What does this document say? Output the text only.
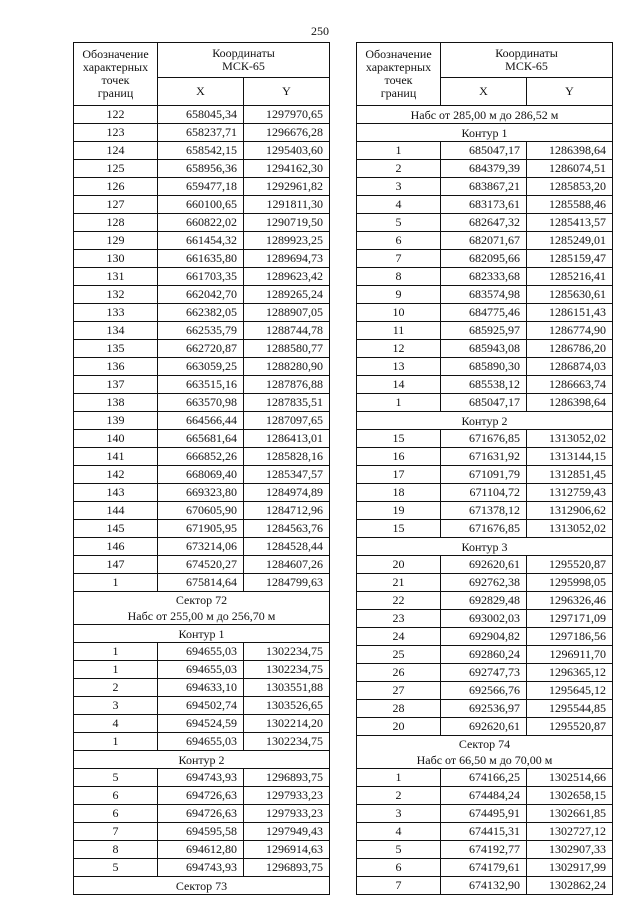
250
Обозначение
характерных
точек
границ	Координаты
МСК-65	
	X	Y
122	658045,34	1297970,65
123	658237,71	1296676,28
124	658542,15	1295403,60
125	658956,36	1294162,30
126	659477,18	1292961,82
127	660100,65	1291811,30
128	660822,02	1290719,50
129	661454,32	1289923,25
130	661635,80	1289694,73
131	661703,35	1289623,42
132	662042,70	1289265,24
133	662382,05	1288907,05
134	662535,79	1288744,78
135	662720,87	1288580,77
136	663059,25	1288280,90
137	663515,16	1287876,88
138	663570,98	1287835,51
139	664566,44	1287097,65
140	665681,64	1286413,01
141	666852,26	1285828,16
142	668069,40	1285347,57
143	669323,80	1284974,89
144	670605,90	1284712,96
145	671905,95	1284563,76
146	673214,06	1284528,44
147	674520,27	1284607,26
1	675814,64	1284799,63
Сектор 72
Набс от 255,00 м до 256,70 м		
Контур 1		
1	694655,03	1302234,75
1	694655,03	1302234,75
2	694633,10	1303551,88
3	694502,74	1303526,65
4	694524,59	1302214,20
1	694655,03	1302234,75
Контур 2		
5	694743,93	1296893,75
6	694726,63	1297933,23
6	694726,63	1297933,23
7	694595,58	1297949,43
8	694612,80	1296914,63
5	694743,93	1296893,75
Сектор 73		
Обозначение
характерных
точек
границ	Координаты
МСК-65	
	X	Y
Набс от 285,00 м до 286,52 м		
Контур 1		
1	685047,17	1286398,64
2	684379,39	1286074,51
3	683867,21	1285853,20
4	683173,61	1285588,46
5	682647,32	1285413,57
6	682071,67	1285249,01
7	682095,66	1285159,47
8	682333,68	1285216,41
9	683574,98	1285630,61
10	684775,46	1286151,43
11	685925,97	1286774,90
12	685943,08	1286786,20
13	685890,30	1286874,03
14	685538,12	1286663,74
1	685047,17	1286398,64
Контур 2		
15	671676,85	1313052,02
16	671631,92	1313144,15
17	671091,79	1312851,45
18	671104,72	1312759,43
19	671378,12	1312906,62
15	671676,85	1313052,02
Контур 3		
20	692620,61	1295520,87
21	692762,38	1295998,05
22	692829,48	1296326,46
23	693002,03	1297171,09
24	692904,82	1297186,56
25	692860,24	1296911,70
26	692747,73	1296365,12
27	692566,76	1295645,12
28	692536,97	1295544,85
20	692620,61	1295520,87
Сектор 74
Набс от 66,50 м до 70,00 м		
1	674166,25	1302514,66
2	674484,24	1302658,15
3	674495,91	1302661,85
4	674415,31	1302727,12
5	674192,77	1302907,33
6	674179,61	1302917,99
7	674132,90	1302862,24
